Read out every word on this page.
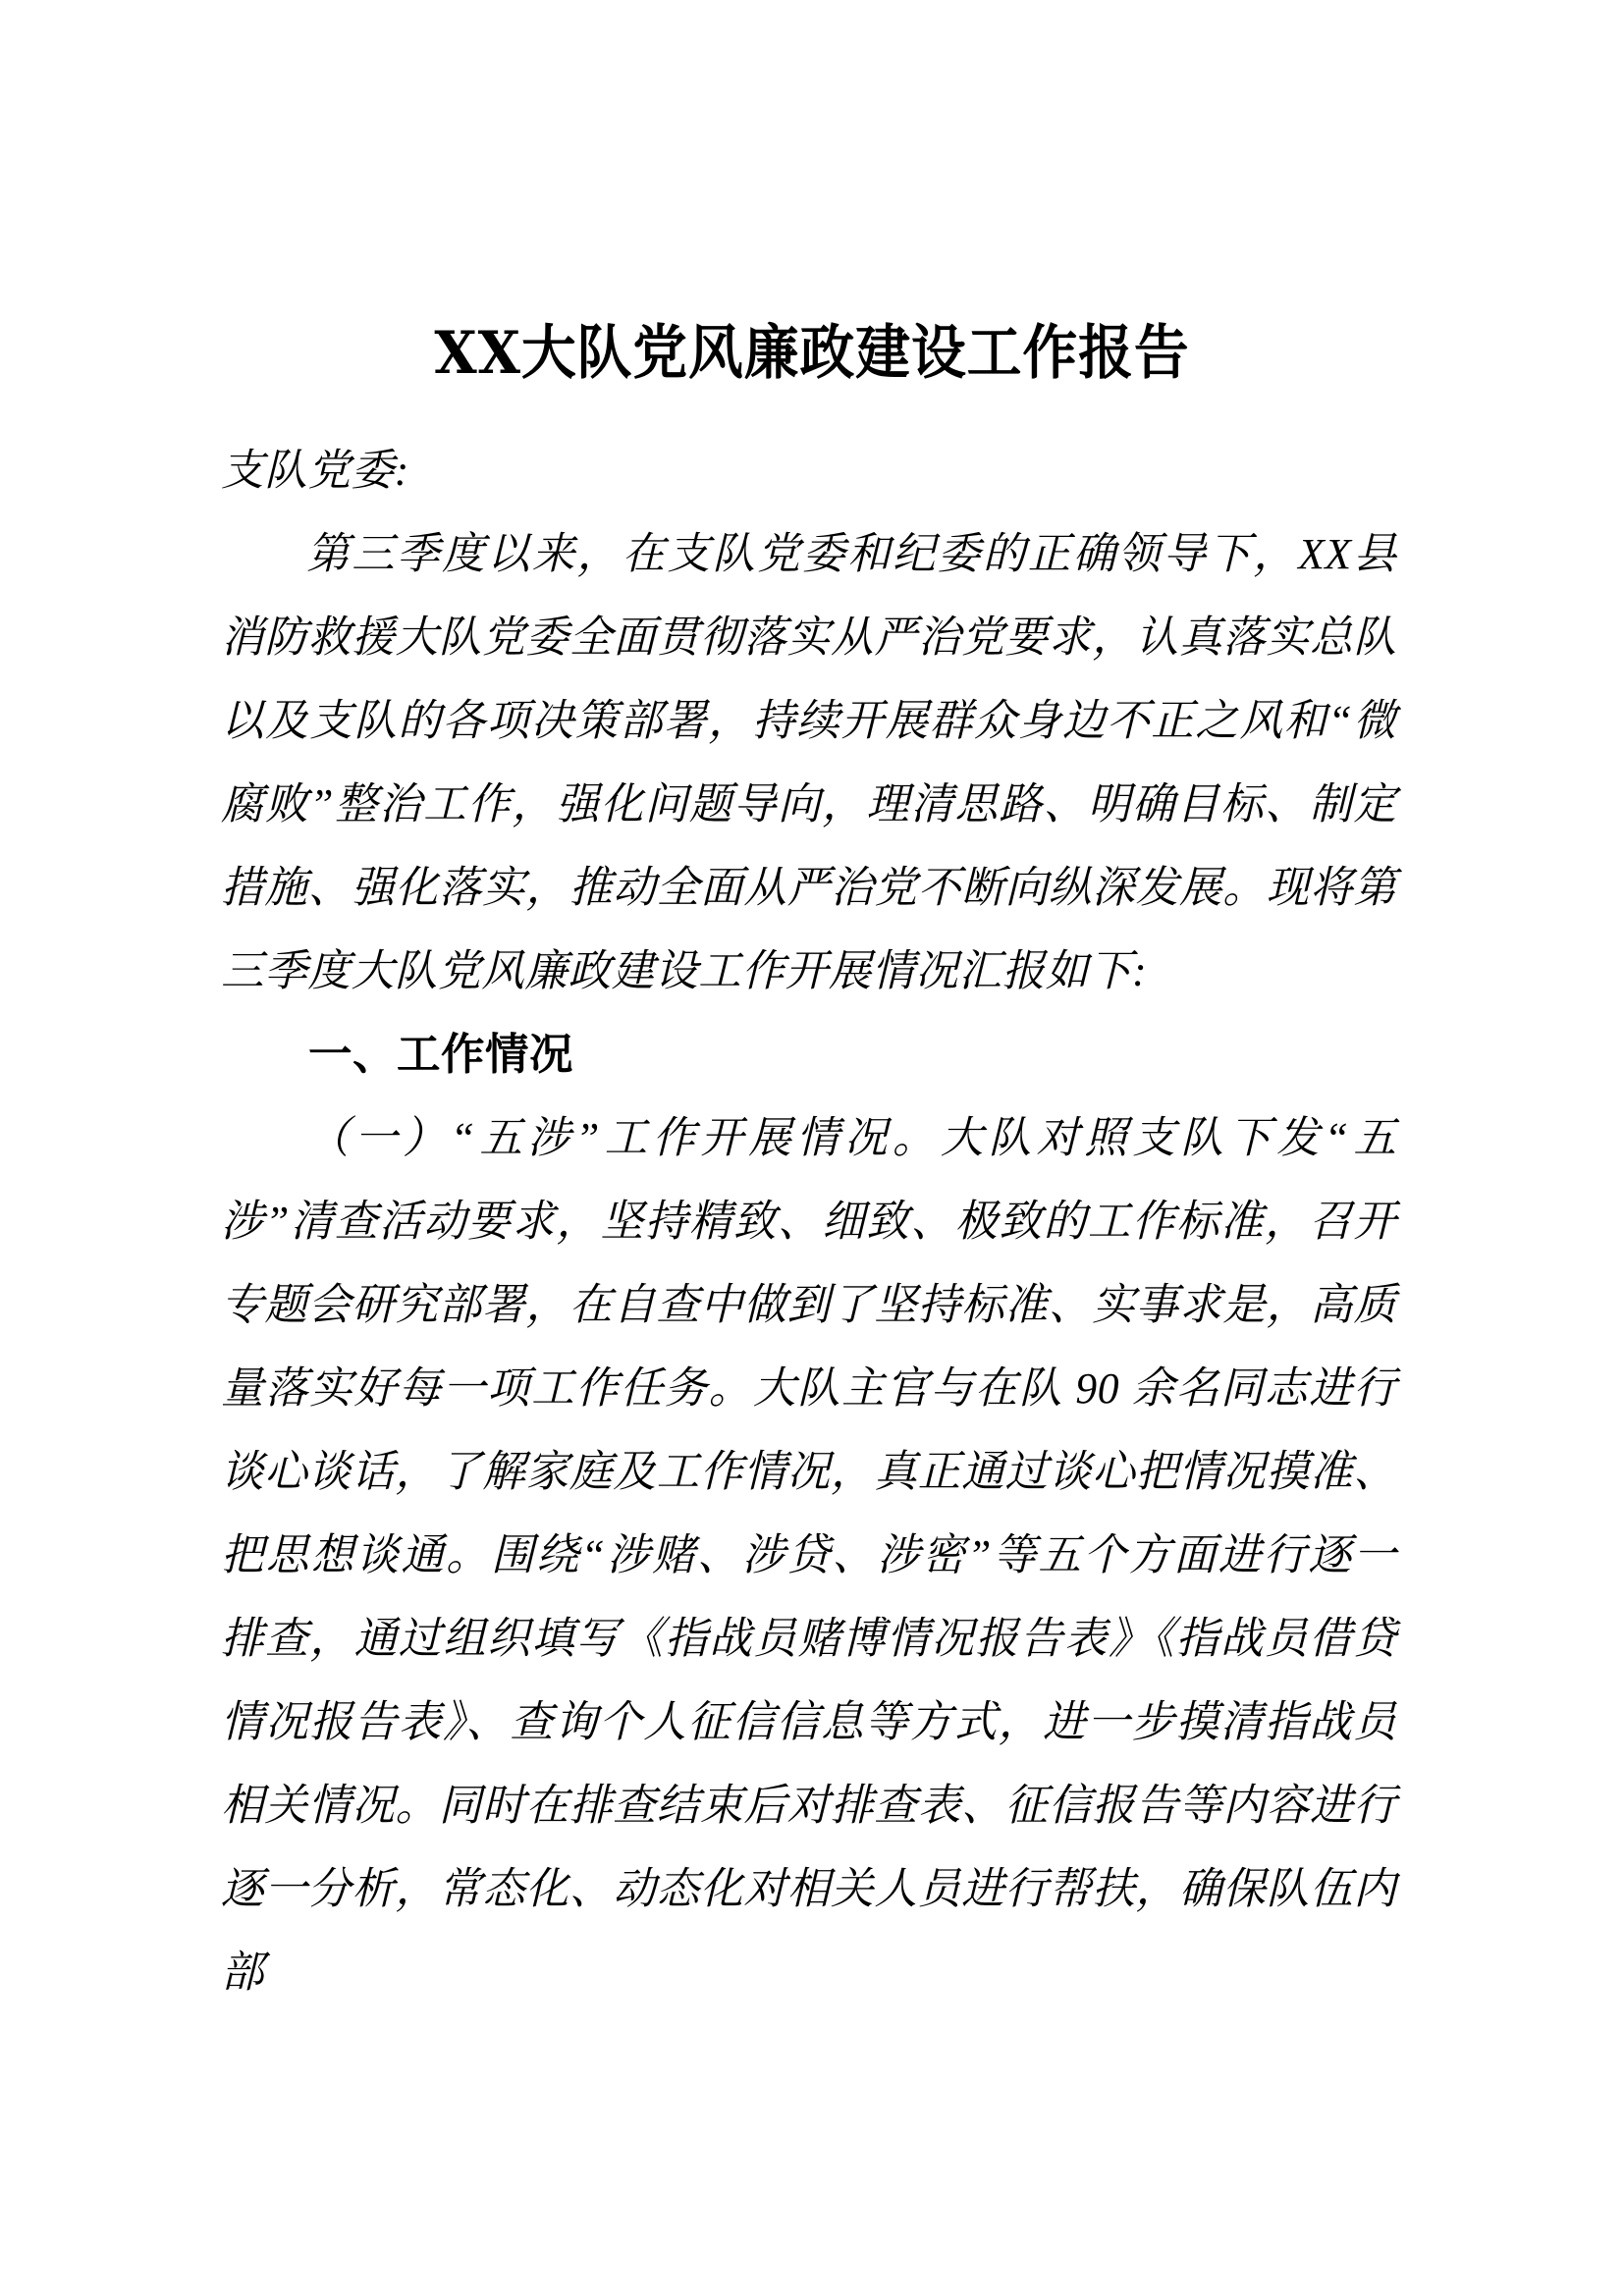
XX大队党风廉政建设工作报告

支队党委:

第三季度以来，在支队党委和纪委的正确领导下，XX县消防救援大队党委全面贯彻落实从严治党要求，认真落实总队以及支队的各项决策部署，持续开展群众身边不正之风和“微腐败”整治工作，强化问题导向，理清思路、明确目标、制定措施、强化落实，推动全面从严治党不断向纵深发展。现将第三季度大队党风廉政建设工作开展情况汇报如下:

一、工作情况

（一）“五涉”工作开展情况。大队对照支队下发“五涉”清查活动要求，坚持精致、细致、极致的工作标准，召开专题会研究部署，在自查中做到了坚持标准、实事求是，高质量落实好每一项工作任务。大队主官与在队 90 余名同志进行谈心谈话，了解家庭及工作情况，真正通过谈心把情况摸准、把思想谈通。围绕“涉赌、涉贷、涉密”等五个方面进行逐一排查，通过组织填写《指战员赌博情况报告表》《指战员借贷情况报告表》、查询个人征信信息等方式，进一步摸清指战员相关情况。同时在排查结束后对排查表、征信报告等内容进行逐一分析，常态化、动态化对相关人员进行帮扶，确保队伍内部
